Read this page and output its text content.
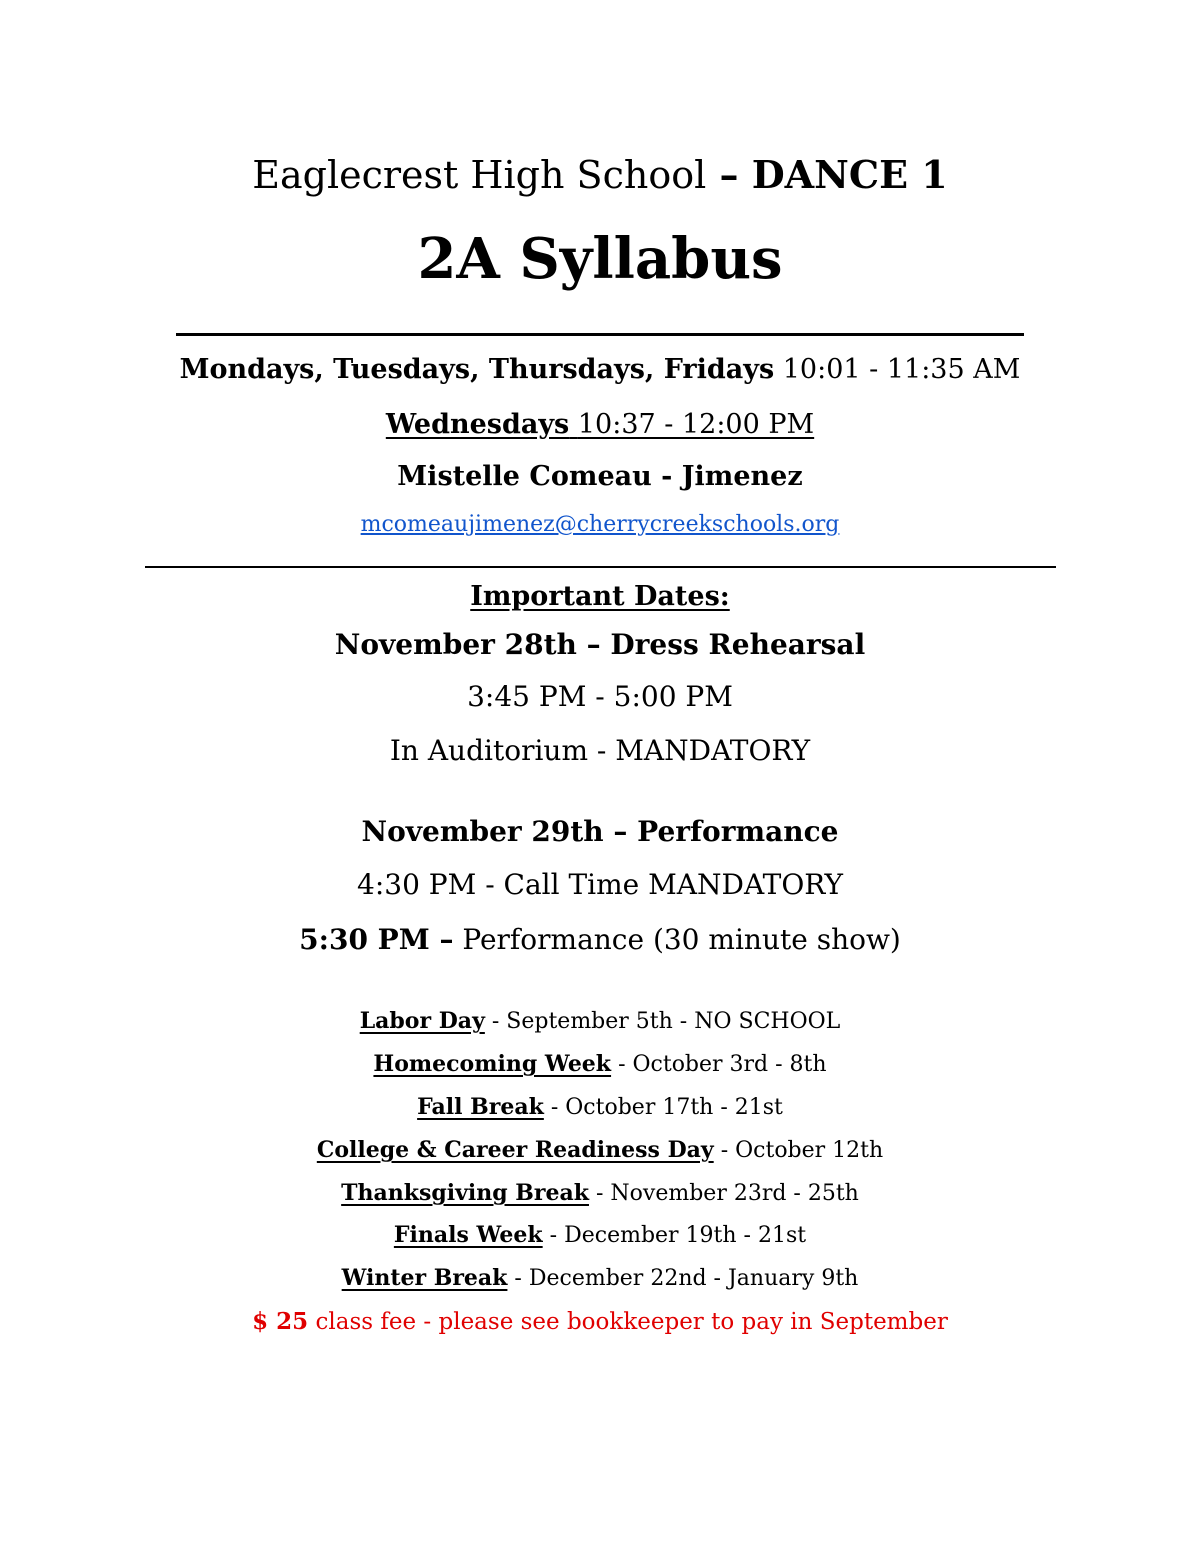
Eaglecrest High School – DANCE 1
2A Syllabus
Mondays, Tuesdays, Thursdays, Fridays 10:01 - 11:35 AM
Wednesdays 10:37 - 12:00 PM
Mistelle Comeau - Jimenez
mcomeaujimenez@cherrycreekschools.org
Important Dates:
November 28th – Dress Rehearsal
3:45 PM - 5:00 PM
In Auditorium - MANDATORY
November 29th – Performance
4:30 PM - Call Time MANDATORY
5:30 PM – Performance (30 minute show)
Labor Day - September 5th - NO SCHOOL
Homecoming Week - October 3rd - 8th
Fall Break - October 17th - 21st
College & Career Readiness Day - October 12th
Thanksgiving Break - November 23rd - 25th
Finals Week - December 19th - 21st
Winter Break - December 22nd - January 9th
$ 25 class fee - please see bookkeeper to pay in September
